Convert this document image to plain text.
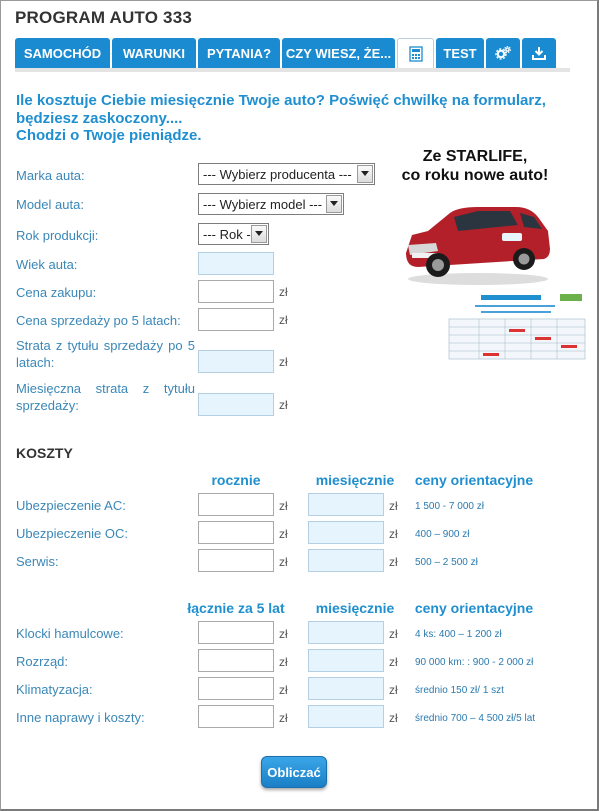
PROGRAM AUTO 333
SAMOCHÓD	WARUNKI	PYTANIA?	CZY WIESZ, ŻE...	TEST
Ile kosztuje Ciebie miesięcznie Twoje auto? Poświęć chwilkę na formularz, będziesz zaskoczony....
Chodzi o Twoje pieniądze.
Marka auta:	--- Wybierz producenta ---
Model auta:	--- Wybierz model ---
Rok produkcji:	--- Rok -
Wiek auta:
Cena zakupu:	zł
Cena sprzedaży po 5 latach:	zł
Strata z tytułu sprzedaży po 5 latach:	zł
Miesięczna strata z tytułu sprzedaży:	zł
Ze STARLIFE,
co roku nowe auto!
KOSZTY
rocznie	miesięcznie	ceny orientacyjne
Ubezpieczenie AC:	zł	zł 1 500 - 7 000 zł
Ubezpieczenie OC:	zł	zł 400 – 900 zł
Serwis:	zł	zł 500 – 2 500 zł
łącznie za 5 lat	miesięcznie	ceny orientacyjne
Klocki hamulcowe:	zł	zł 4 ks: 400 – 1 200 zł
Rozrząd:	zł	zł 90 000 km: : 900 - 2 000 zł
Klimatyzacja:	zł	zł średnio 150 zł/ 1 szt
Inne naprawy i koszty:	zł	zł średnio 700 – 4 500 zł/5 lat
Obliczać
